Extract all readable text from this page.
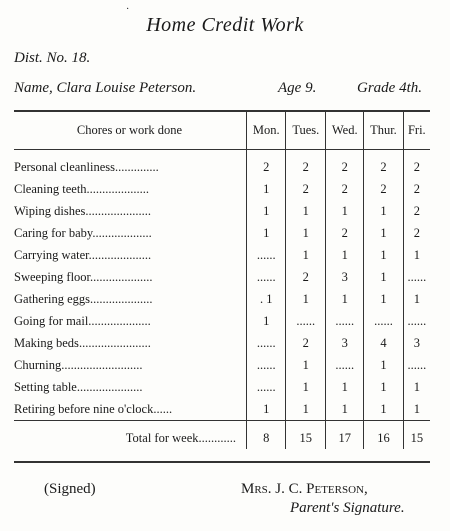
·
Home Credit Work
Dist. No. 18.
Name, Clara Louise Peterson.	Age 9.	Grade 4th.
Chores or work done	Mon.	Tues.	Wed.	Thur.	Fri.
Personal cleanliness..............	2	2	2	2	2
Cleaning teeth....................	1	2	2	2	2
Wiping dishes.....................	1	1	1	1	2
Caring for baby...................	1	1	2	1	2
Carrying water....................	......	1	1	1	1
Sweeping floor....................	......	2	3	1	......
Gathering eggs....................	. 1	1	1	1	1
Going for mail....................	1	......	......	......	......
Making beds.......................	......	2	3	4	3
Churning..........................	......	1	......	1	......
Setting table.....................	......	1	1	1	1
Retiring before nine o'clock......	1	1	1	1	1
Total for week............	8	15	17	16	15
(Signed)	Mrs. J. C. Peterson,
Parent's Signature.
